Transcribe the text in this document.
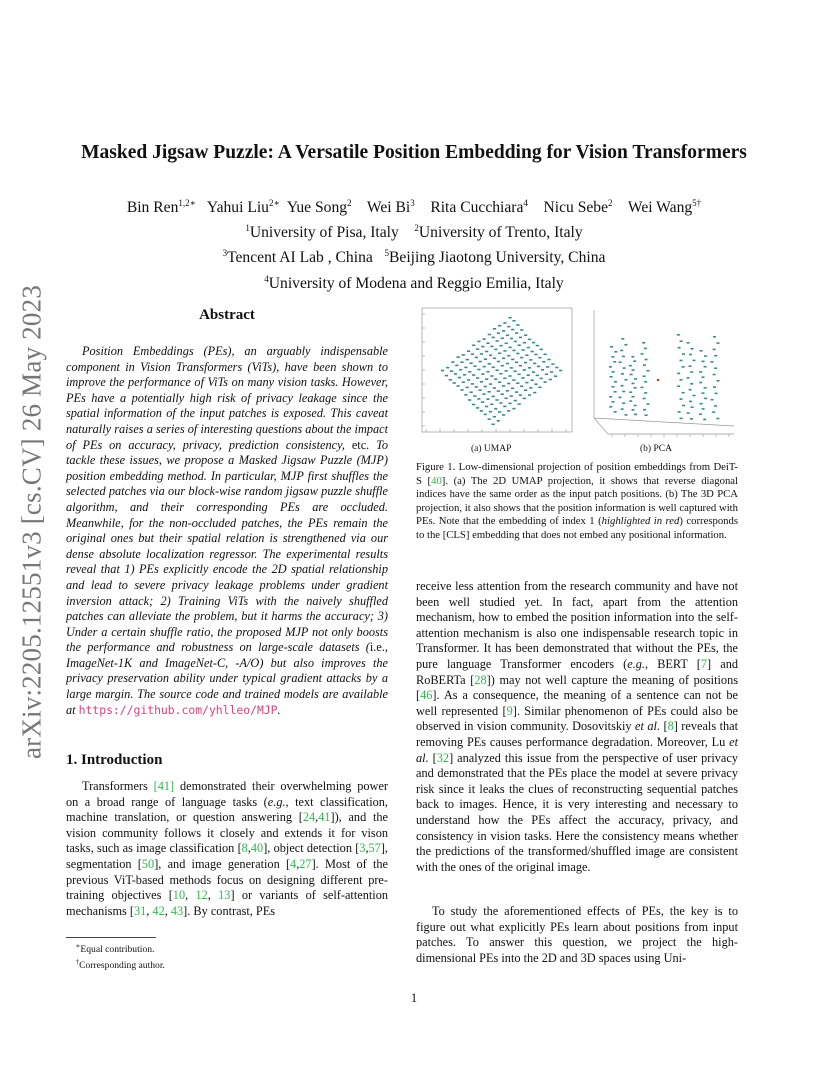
arXiv:2205.12551v3 [cs.CV] 26 May 2023
Masked Jigsaw Puzzle: A Versatile Position Embedding for Vision Transformers
Bin Ren$^{1,2∗}$ Yahui Liu$^{2∗}$ Yue Song$^2$ Wei Bi$^3$ Rita Cucchiara$^4$ Nicu Sebe$^2$ Wei Wang$^{5\dagger}$
$^1$University of Pisa, Italy $^2$University of Trento, Italy
$^3$Tencent AI Lab , China $^5$Beijing Jiaotong University, China
$^4$University of Modena and Reggio Emilia, Italy
Abstract
Position Embeddings (PEs), an arguably indispensable component in Vision Transformers (ViTs), have been shown to improve the performance of ViTs on many vision tasks. However, PEs have a potentially high risk of privacy leakage since the spatial information of the input patches is exposed. This caveat naturally raises a series of interesting questions about the impact of PEs on accuracy, privacy, prediction consistency, etc. To tackle these issues, we propose a Masked Jigsaw Puzzle (MJP) position embedding method. In particular, MJP first shuffles the selected patches via our block-wise random jigsaw puzzle shuffle algorithm, and their corresponding PEs are occluded. Meanwhile, for the non-occluded patches, the PEs remain the original ones but their spatial relation is strengthened via our dense absolute localization regressor. The experimental results reveal that 1) PEs explicitly encode the 2D spatial relationship and lead to severe privacy leakage problems under gradient inversion attack; 2) Training ViTs with the naively shuffled patches can alleviate the problem, but it harms the accuracy; 3) Under a certain shuffle ratio, the proposed MJP not only boosts the performance and robustness on large-scale datasets (i.e., ImageNet-1K and ImageNet-C, -A/O) but also improves the privacy preservation ability under typical gradient attacks by a large margin. The source code and trained models are available at https://github.com/yhlleo/MJP.
1. Introduction
Transformers [41] demonstrated their overwhelming power on a broad range of language tasks (e.g., text classification, machine translation, or question answering [24,41]), and the vision community follows it closely and extends it for vison tasks, such as image classification [8,40], object detection [3,57], segmentation [50], and image generation [4,27]. Most of the previous ViT-based methods focus on designing different pre-training objectives [10, 12, 13] or variants of self-attention mechanisms [31, 42, 43]. By contrast, PEs
∗Equal contribution.
†Corresponding author.
(a) UMAP	(b) PCA
Figure 1. Low-dimensional projection of position embeddings from DeiT-S [40]. (a) The 2D UMAP projection, it shows that reverse diagonal indices have the same order as the input patch positions. (b) The 3D PCA projection, it also shows that the position information is well captured with PEs. Note that the embedding of index 1 (highlighted in red) corresponds to the [CLS] embedding that does not embed any positional information.
receive less attention from the research community and have not been well studied yet. In fact, apart from the attention mechanism, how to embed the position information into the self-attention mechanism is also one indispensable research topic in Transformer. It has been demonstrated that without the PEs, the pure language Transformer encoders (e.g., BERT [7] and RoBERTa [28]) may not well capture the meaning of positions [46]. As a consequence, the meaning of a sentence can not be well represented [9]. Similar phenomenon of PEs could also be observed in vision community. Dosovitskiy et al. [8] reveals that removing PEs causes performance degradation. Moreover, Lu et al. [32] analyzed this issue from the perspective of user privacy and demonstrated that the PEs place the model at severe privacy risk since it leaks the clues of reconstructing sequential patches back to images. Hence, it is very interesting and necessary to understand how the PEs affect the accuracy, privacy, and consistency in vision tasks. Here the consistency means whether the predictions of the transformed/shuffled image are consistent with the ones of the original image.
To study the aforementioned effects of PEs, the key is to figure out what explicitly PEs learn about positions from input patches. To answer this question, we project the high-dimensional PEs into the 2D and 3D spaces using Uni-
1
